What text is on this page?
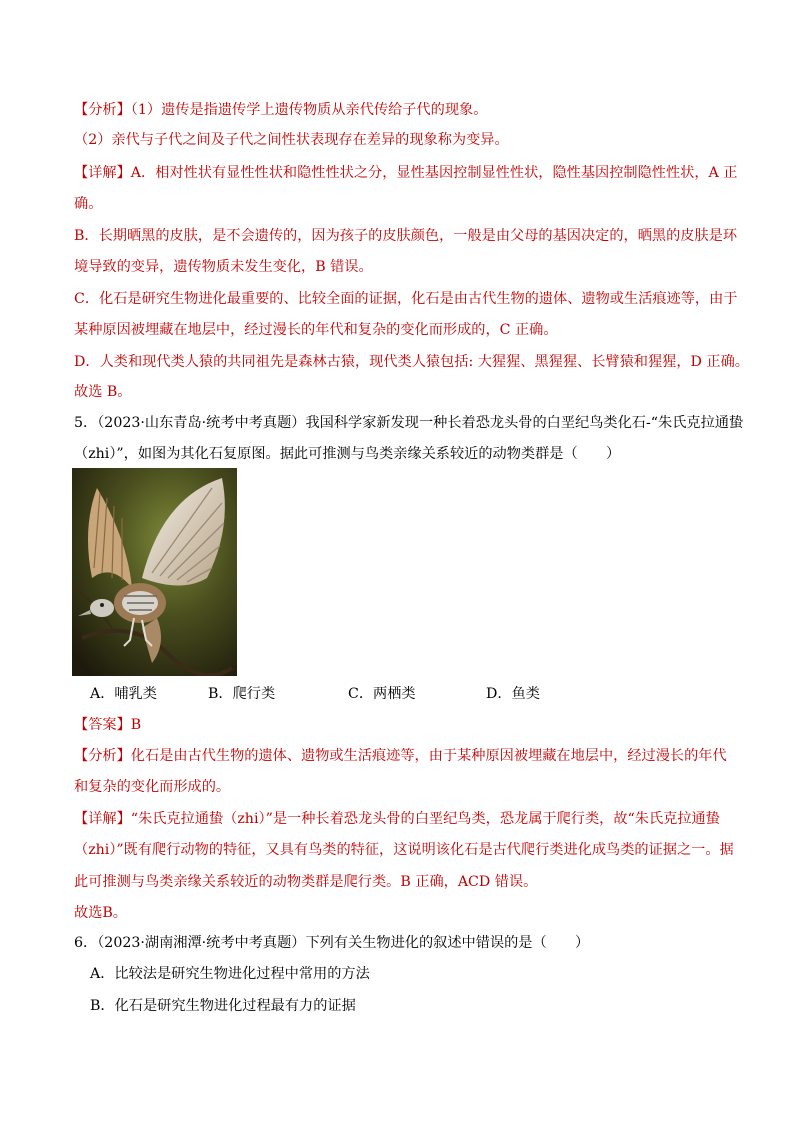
【分析】（1）遗传是指遗传学上遗传物质从亲代传给子代的现象。
（2）亲代与子代之间及子代之间性状表现存在差异的现象称为变异。
【详解】A．相对性状有显性性状和隐性性状之分，显性基因控制显性性状，隐性基因控制隐性性状，A 正
确。
B．长期晒黑的皮肤，是不会遗传的，因为孩子的皮肤颜色，一般是由父母的基因决定的，晒黑的皮肤是环
境导致的变异，遗传物质未发生变化，B 错误。
C．化石是研究生物进化最重要的、比较全面的证据，化石是由古代生物的遗体、遗物或生活痕迹等，由于
某种原因被埋藏在地层中，经过漫长的年代和复杂的变化而形成的，C 正确。
D．人类和现代类人猿的共同祖先是森林古猿，现代类人猿包括: 大猩猩、黑猩猩、长臂猿和猩猩，D 正确。
故选 B。
5．（2023·山东青岛·统考中考真题）我国科学家新发现一种长着恐龙头骨的白垩纪鸟类化石-“朱氏克拉通蛰
（zhi）”，如图为其化石复原图。据此可推测与鸟类亲缘关系较近的动物类群是（　　）
A．哺乳类	B．爬行类	C．两栖类	D．鱼类
【答案】B
【分析】化石是由古代生物的遗体、遗物或生活痕迹等，由于某种原因被埋藏在地层中，经过漫长的年代
和复杂的变化而形成的。
【详解】“朱氏克拉通蛰（zhi）”是一种长着恐龙头骨的白垩纪鸟类，恐龙属于爬行类，故“朱氏克拉通蛰
（zhi）”既有爬行动物的特征，又具有鸟类的特征，这说明该化石是古代爬行类进化成鸟类的证据之一。据
此可推测与鸟类亲缘关系较近的动物类群是爬行类。B 正确，ACD 错误。
故选B。
6．（2023·湖南湘潭·统考中考真题）下列有关生物进化的叙述中错误的是（　　）
A．比较法是研究生物进化过程中常用的方法
B．化石是研究生物进化过程最有力的证据
